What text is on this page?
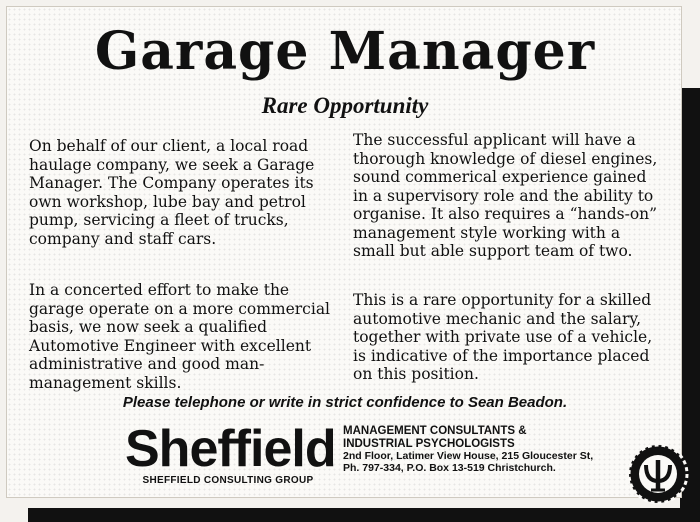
Garage Manager
Rare Opportunity

On behalf of our client, a local road haulage company, we seek a Garage Manager. The Company operates its own workshop, lube bay and petrol pump, servicing a fleet of trucks, company and staff cars.

The successful applicant will have a thorough knowledge of diesel engines, sound commerical experience gained in a supervisory role and the ability to organise. It also requires a “hands-on” management style working with a small but able support team of two.

In a concerted effort to make the garage operate on a more commercial basis, we now seek a qualified Automotive Engineer with excellent administrative and good man-management skills.

This is a rare opportunity for a skilled automotive mechanic and the salary, together with private use of a vehicle, is indicative of the importance placed on this position.

Please telephone or write in strict confidence to Sean Beadon.
Sheffield
SHEFFIELD CONSULTING GROUP
MANAGEMENT CONSULTANTS &
INDUSTRIAL PSYCHOLOGISTS
2nd Floor, Latimer View House, 215 Gloucester St,
Ph. 797-334, P.O. Box 13-519 Christchurch.
